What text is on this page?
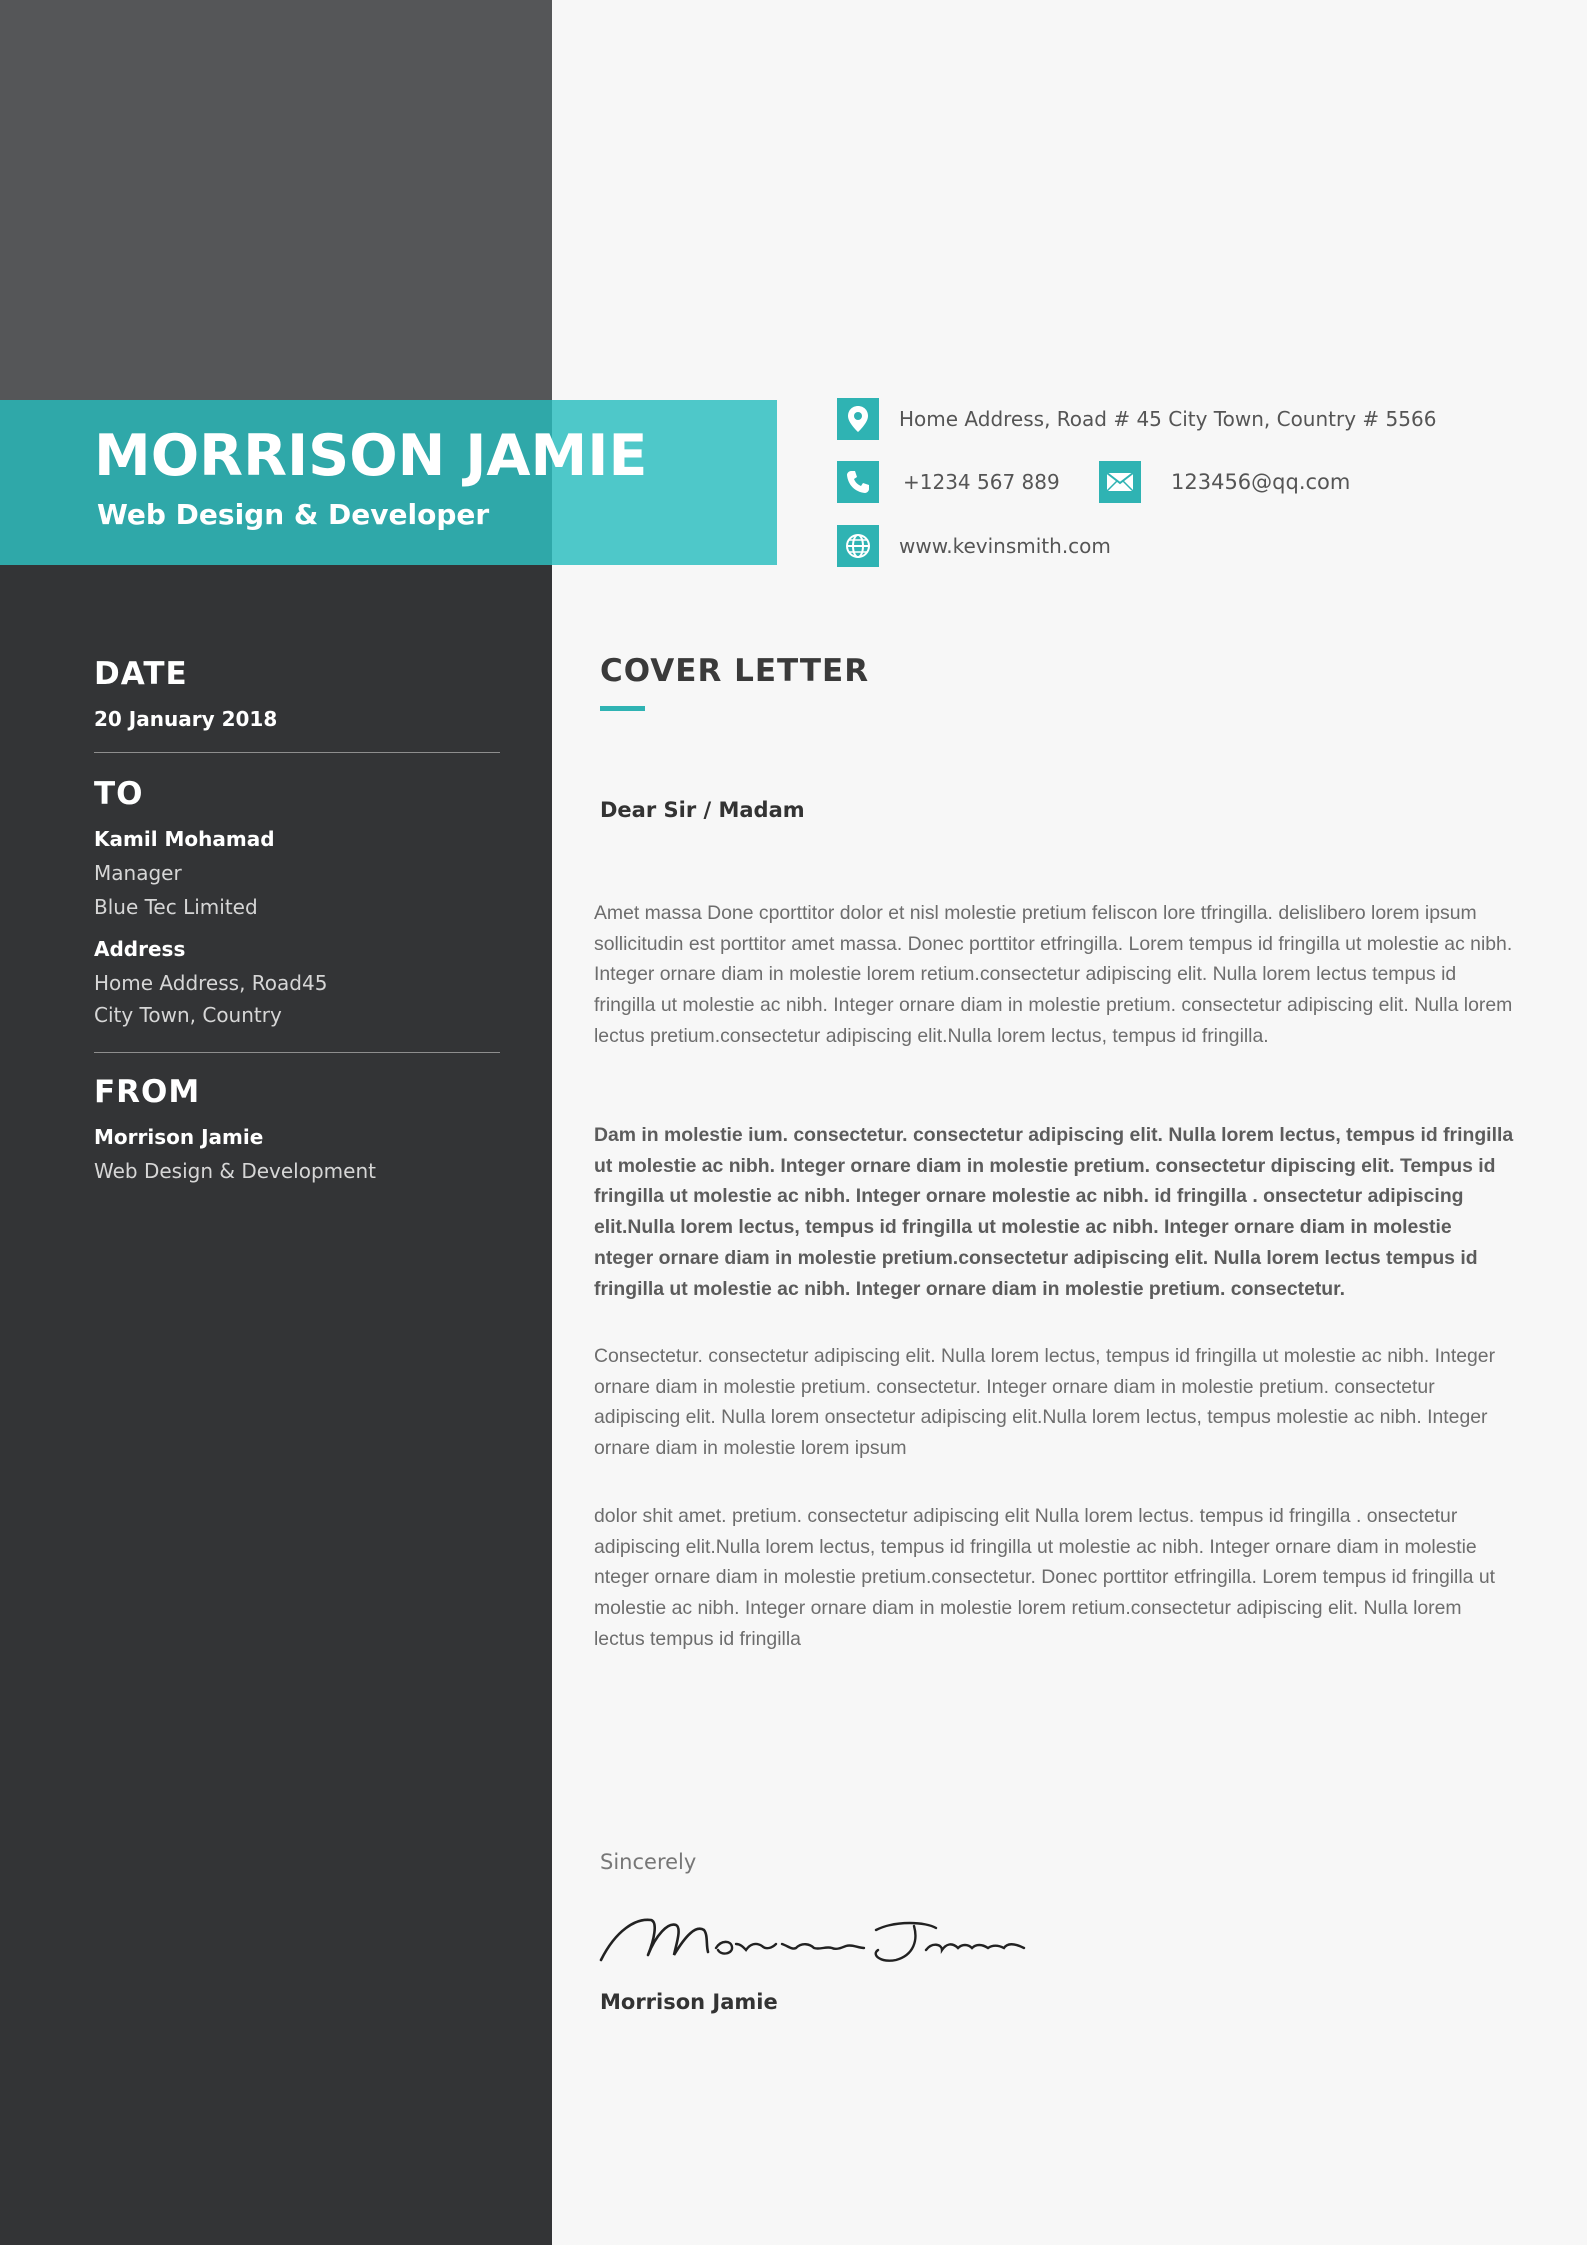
MORRISON JAMIE
Web Design & Developer
Home Address, Road # 45 City Town, Country # 5566
+1234 567 889	123456@qq.com
www.kevinsmith.com
DATE
20 January 2018
TO
Kamil Mohamad
Manager
Blue Tec Limited
Address
Home Address, Road45
City Town, Country
FROM
Morrison Jamie
Web Design & Development
COVER LETTER
Dear Sir / Madam

Amet massa Done cporttitor dolor et nisl molestie pretium feliscon lore tfringilla. delislibero lorem ipsum sollicitudin est porttitor amet massa. Donec porttitor etfringilla. Lorem tempus id fringilla ut molestie ac nibh. Integer ornare diam in molestie lorem retium.consectetur adipiscing elit. Nulla lorem lectus tempus id fringilla ut molestie ac nibh. Integer ornare diam in molestie pretium. consectetur adipiscing elit. Nulla lorem lectus pretium.consectetur adipiscing elit.Nulla lorem lectus, tempus id fringilla.

Dam in molestie ium. consectetur. consectetur adipiscing elit. Nulla lorem lectus, tempus id fringilla ut molestie ac nibh. Integer ornare diam in molestie pretium. consectetur dipiscing elit. Tempus id fringilla ut molestie ac nibh. Integer ornare molestie ac nibh. id fringilla . onsectetur adipiscing elit.Nulla lorem lectus, tempus id fringilla ut molestie ac nibh. Integer ornare diam in molestie nteger ornare diam in molestie pretium.consectetur adipiscing elit. Nulla lorem lectus tempus id fringilla ut molestie ac nibh. Integer ornare diam in molestie pretium. consectetur.

Consectetur. consectetur adipiscing elit. Nulla lorem lectus, tempus id fringilla ut molestie ac nibh. Integer ornare diam in molestie pretium. consectetur. Integer ornare diam in molestie pretium. consectetur adipiscing elit. Nulla lorem onsectetur adipiscing elit.Nulla lorem lectus, tempus molestie ac nibh. Integer ornare diam in molestie lorem ipsum

dolor shit amet. pretium. consectetur adipiscing elit Nulla lorem lectus. tempus id fringilla . onsectetur adipiscing elit.Nulla lorem lectus, tempus id fringilla ut molestie ac nibh. Integer ornare diam in molestie nteger ornare diam in molestie pretium.consectetur. Donec porttitor etfringilla. Lorem tempus id fringilla ut molestie ac nibh. Integer ornare diam in molestie lorem retium.consectetur adipiscing elit. Nulla lorem lectus tempus id fringilla

Sincerely
Morrison Jamie
